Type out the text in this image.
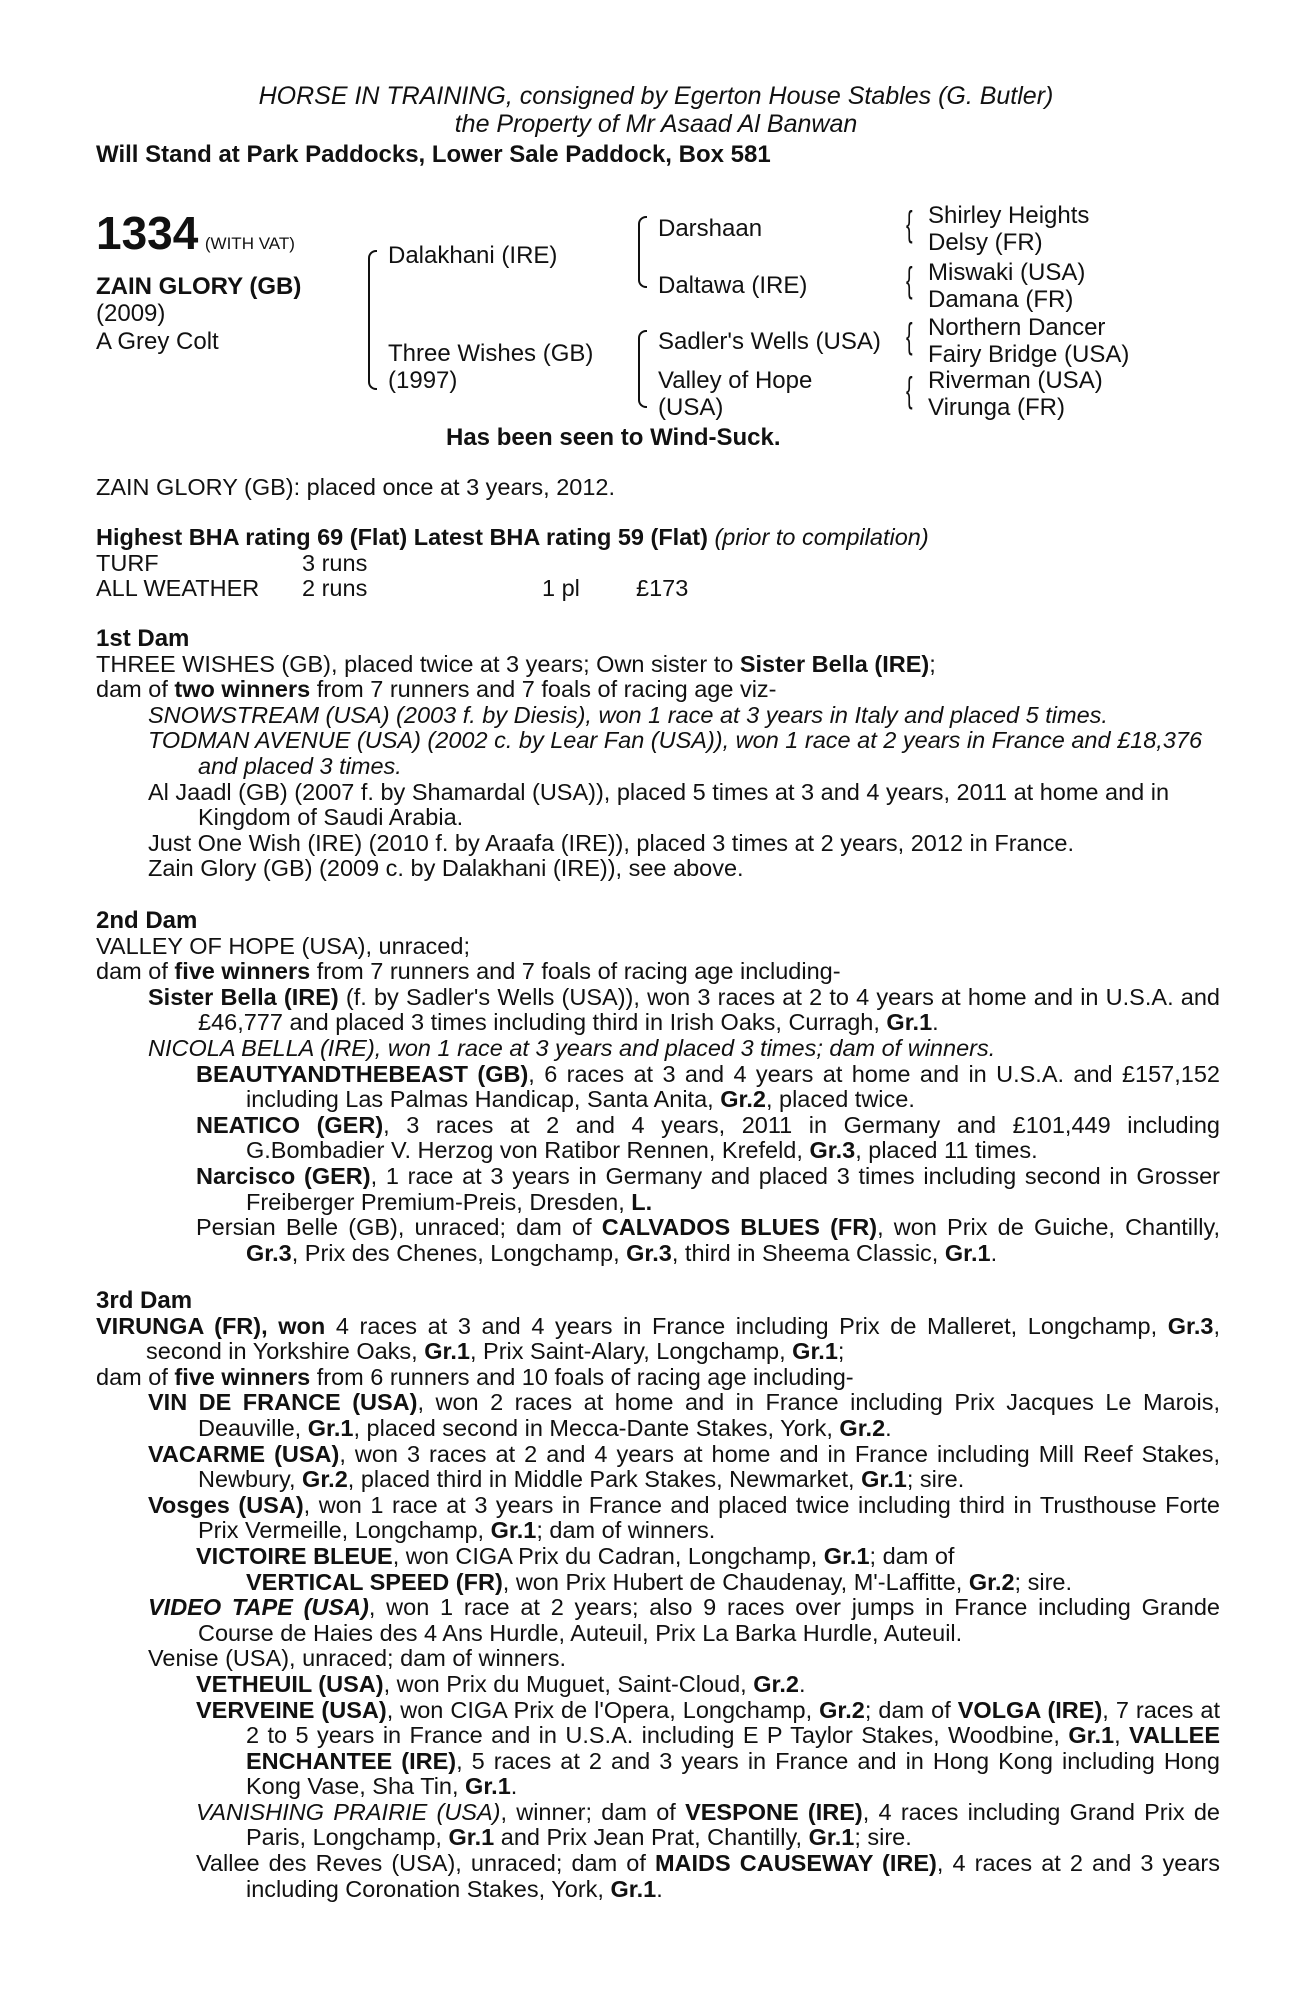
HORSE IN TRAINING, consigned by Egerton House Stables (G. Butler)
the Property of Mr Asaad Al Banwan
Will Stand at Park Paddocks, Lower Sale Paddock, Box 581
1334 (WITH VAT)
ZAIN GLORY (GB)
(2009)
A Grey Colt
Dalakhani (IRE)
Three Wishes (GB)
(1997)
Darshaan
Daltawa (IRE)
Sadler's Wells (USA)
Valley of Hope
(USA)
{ Shirley Heights
Delsy (FR)
{ Miswaki (USA)
Damana (FR)
{ Northern Dancer
Fairy Bridge (USA)
{ Riverman (USA)
Virunga (FR)
Has been seen to Wind-Suck.

ZAIN GLORY (GB): placed once at 3 years, 2012.

Highest BHA rating 69 (Flat) Latest BHA rating 59 (Flat) (prior to compilation)

TURF	3 runs
ALL WEATHER 2 runs	1 pl £173

1st Dam

THREE WISHES (GB), placed twice at 3 years; Own sister to Sister Bella (IRE);

dam of two winners from 7 runners and 7 foals of racing age viz-

SNOWSTREAM (USA) (2003 f. by Diesis), won 1 race at 3 years in Italy and placed 5 times.

TODMAN AVENUE (USA) (2002 c. by Lear Fan (USA)), won 1 race at 2 years in France and £18,376 and placed 3 times.

Al Jaadl (GB) (2007 f. by Shamardal (USA)), placed 5 times at 3 and 4 years, 2011 at home and in Kingdom of Saudi Arabia.

Just One Wish (IRE) (2010 f. by Araafa (IRE)), placed 3 times at 2 years, 2012 in France.

Zain Glory (GB) (2009 c. by Dalakhani (IRE)), see above.

2nd Dam

VALLEY OF HOPE (USA), unraced;

dam of five winners from 7 runners and 7 foals of racing age including-

Sister Bella (IRE) (f. by Sadler's Wells (USA)), won 3 races at 2 to 4 years at home and in U.S.A. and £46,777 and placed 3 times including third in Irish Oaks, Curragh, Gr.1.

NICOLA BELLA (IRE), won 1 race at 3 years and placed 3 times; dam of winners.

BEAUTYANDTHEBEAST (GB), 6 races at 3 and 4 years at home and in U.S.A. and £157,152 including Las Palmas Handicap, Santa Anita, Gr.2, placed twice.

NEATICO (GER), 3 races at 2 and 4 years, 2011 in Germany and £101,449 including G.Bombadier V. Herzog von Ratibor Rennen, Krefeld, Gr.3, placed 11 times.

Narcisco (GER), 1 race at 3 years in Germany and placed 3 times including second in Grosser Freiberger Premium-Preis, Dresden, L.

Persian Belle (GB), unraced; dam of CALVADOS BLUES (FR), won Prix de Guiche, Chantilly, Gr.3, Prix des Chenes, Longchamp, Gr.3, third in Sheema Classic, Gr.1.

3rd Dam

VIRUNGA (FR), won 4 races at 3 and 4 years in France including Prix de Malleret, Longchamp, Gr.3, second in Yorkshire Oaks, Gr.1, Prix Saint-Alary, Longchamp, Gr.1;

dam of five winners from 6 runners and 10 foals of racing age including-

VIN DE FRANCE (USA), won 2 races at home and in France including Prix Jacques Le Marois, Deauville, Gr.1, placed second in Mecca-Dante Stakes, York, Gr.2.

VACARME (USA), won 3 races at 2 and 4 years at home and in France including Mill Reef Stakes, Newbury, Gr.2, placed third in Middle Park Stakes, Newmarket, Gr.1; sire.

Vosges (USA), won 1 race at 3 years in France and placed twice including third in Trusthouse Forte Prix Vermeille, Longchamp, Gr.1; dam of winners.

VICTOIRE BLEUE, won CIGA Prix du Cadran, Longchamp, Gr.1; dam of
VERTICAL SPEED (FR), won Prix Hubert de Chaudenay, M'-Laffitte, Gr.2; sire.

VIDEO TAPE (USA), won 1 race at 2 years; also 9 races over jumps in France including Grande Course de Haies des 4 Ans Hurdle, Auteuil, Prix La Barka Hurdle, Auteuil.

Venise (USA), unraced; dam of winners.

VETHEUIL (USA), won Prix du Muguet, Saint-Cloud, Gr.2.

VERVEINE (USA), won CIGA Prix de l'Opera, Longchamp, Gr.2; dam of VOLGA (IRE), 7 races at 2 to 5 years in France and in U.S.A. including E P Taylor Stakes, Woodbine, Gr.1, VALLEE ENCHANTEE (IRE), 5 races at 2 and 3 years in France and in Hong Kong including Hong Kong Vase, Sha Tin, Gr.1.

VANISHING PRAIRIE (USA), winner; dam of VESPONE (IRE), 4 races including Grand Prix de Paris, Longchamp, Gr.1 and Prix Jean Prat, Chantilly, Gr.1; sire.

Vallee des Reves (USA), unraced; dam of MAIDS CAUSEWAY (IRE), 4 races at 2 and 3 years including Coronation Stakes, York, Gr.1.
